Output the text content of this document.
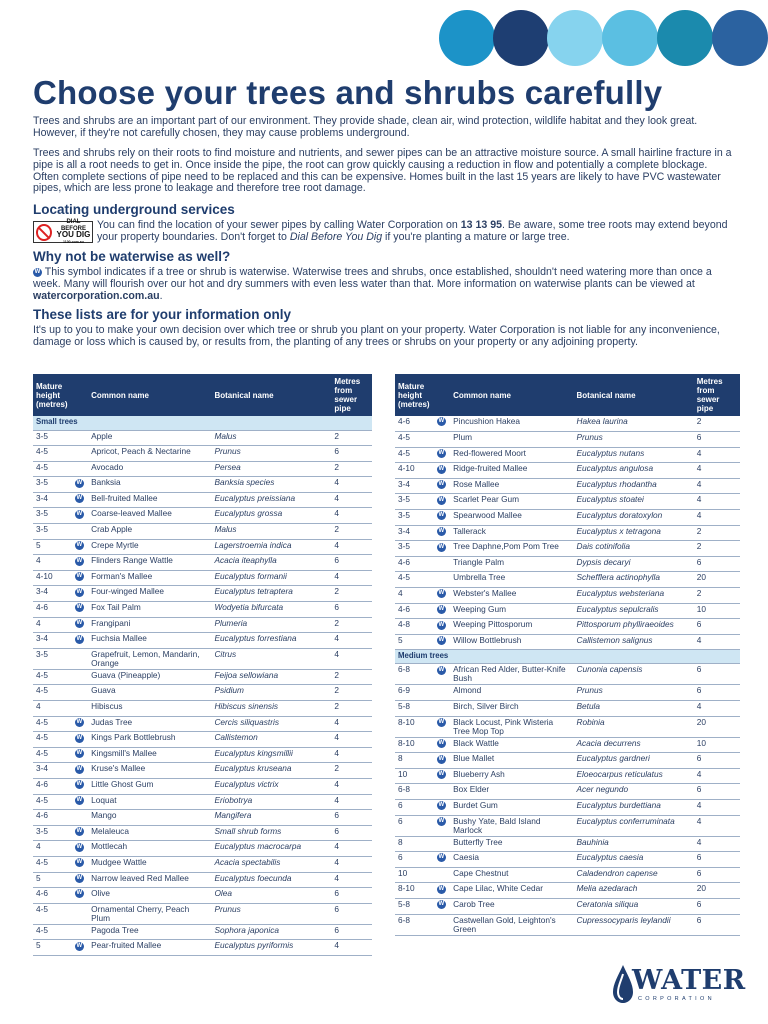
Choose your trees and shrubs carefully

Trees and shrubs are an important part of our environment. They provide shade, clean air, wind protection, wildlife habitat and they look great. However, if they're not carefully chosen, they may cause problems underground.

Trees and shrubs rely on their roots to find moisture and nutrients, and sewer pipes can be an attractive moisture source. A small hairline fracture in a pipe is all a root needs to get in. Once inside the pipe, the root can grow quickly causing a reduction in flow and potentially a complete blockage. Often complete sections of pipe need to be replaced and this can be expensive. Homes built in the last 15 years are likely to have PVC wastewater pipes, which are less prone to leakage and therefore tree root damage.

Locating underground services
DIAL BEFORE
YOU DIG
1100.com.au

You can find the location of your sewer pipes by calling Water Corporation on 13 13 95. Be aware, some tree roots may extend beyond your property boundaries. Don't forget to Dial Before You Dig if you're planting a mature or large tree.

Why not be waterwise as well?

W This symbol indicates if a tree or shrub is waterwise. Waterwise trees and shrubs, once established, shouldn't need watering more than once a week. Many will flourish over our hot and dry summers with even less water than that. More information on waterwise plants can be viewed at watercorporation.com.au.

These lists are for your information only

It's up to you to make your own decision over which tree or shrub you plant on your property. Water Corporation is not liable for any inconvenience, damage or loss which is caused by, or results from, the planting of any trees or shrubs on your property or any adjoining property.

Mature height (metres)		Common name	Botanical name	Metres from sewer pipe
Small trees				
3-5		Apple	Malus	2
4-5		Apricot, Peach & Nectarine	Prunus	6
4-5		Avocado	Persea	2
3-5	W	Banksia	Banksia species	4
3-4	W	Bell-fruited Mallee	Eucalyptus preissiana	4
3-5	W	Coarse-leaved Mallee	Eucalyptus grossa	4
3-5		Crab Apple	Malus	2
5	W	Crepe Myrtle	Lagerstroemia indica	4
4	W	Flinders Range Wattle	Acacia iteaphylla	6
4-10	W	Forman's Mallee	Eucalyptus formanii	4
3-4	W	Four-winged Mallee	Eucalyptus tetraptera	2
4-6	W	Fox Tail Palm	Wodyetia bifurcata	6
4	W	Frangipani	Plumeria	2
3-4	W	Fuchsia Mallee	Eucalyptus forrestiana	4
3-5		Grapefruit, Lemon, Mandarin, Orange	Citrus	4
4-5		Guava (Pineapple)	Feijoa sellowiana	2
4-5		Guava	Psidium	2
4		Hibiscus	Hibiscus sinensis	2
4-5	W	Judas Tree	Cercis siliquastris	4
4-5	W	Kings Park Bottlebrush	Callistemon	4
4-5	W	Kingsmill's Mallee	Eucalyptus kingsmillii	4
3-4	W	Kruse's Mallee	Eucalyptus kruseana	2
4-6	W	Little Ghost Gum	Eucalyptus victrix	4
4-5	W	Loquat	Eriobotrya	4
4-6		Mango	Mangifera	6
3-5	W	Melaleuca	Small shrub forms	6
4	W	Mottlecah	Eucalyptus macrocarpa	4
4-5	W	Mudgee Wattle	Acacia spectabilis	4
5	W	Narrow leaved Red Mallee	Eucalyptus foecunda	4
4-6	W	Olive	Olea	6
4-5		Ornamental Cherry, Peach Plum	Prunus	6
4-5		Pagoda Tree	Sophora japonica	6
5	W	Pear-fruited Mallee	Eucalyptus pyriformis	4
Mature height (metres)		Common name	Botanical name	Metres from sewer pipe
4-6	W	Pincushion Hakea	Hakea laurina	2
4-5		Plum	Prunus	6
4-5	W	Red-flowered Moort	Eucalyptus nutans	4
4-10	W	Ridge-fruited Mallee	Eucalyptus angulosa	4
3-4	W	Rose Mallee	Eucalyptus rhodantha	4
3-5	W	Scarlet Pear Gum	Eucalyptus stoatei	4
3-5	W	Spearwood Mallee	Eucalyptus doratoxylon	4
3-4	W	Tallerack	Eucalyptus x tetragona	2
3-5	W	Tree Daphne,Pom Pom Tree	Dais cotinifolia	2
4-6		Triangle Palm	Dypsis decaryi	6
4-5		Umbrella Tree	Schefflera actinophylla	20
4	W	Webster's Mallee	Eucalyptus websteriana	2
4-6	W	Weeping Gum	Eucalyptus sepulcralis	10
4-8	W	Weeping Pittosporum	Pittosporum phylliraeoides	6
5	W	Willow Bottlebrush	Callistemon salignus	4
Medium trees				
6-8	W	African Red Alder, Butter-Knife Bush	Cunonia capensis	6
6-9		Almond	Prunus	6
5-8		Birch, Silver Birch	Betula	4
8-10	W	Black Locust, Pink Wisteria Tree Mop Top	Robinia	20
8-10	W	Black Wattle	Acacia decurrens	10
8	W	Blue Mallet	Eucalyptus gardneri	6
10	W	Blueberry Ash	Eloeocarpus reticulatus	4
6-8		Box Elder	Acer negundo	6
6	W	Burdet Gum	Eucalyptus burdettiana	4
6	W	Bushy Yate, Bald Island Marlock	Eucalyptus conferruminata	4
8		Butterfly Tree	Bauhinia	4
6	W	Caesia	Eucalyptus caesia	6
10		Cape Chestnut	Caladendron capense	6
8-10	W	Cape Lilac, White Cedar	Melia azedarach	20
5-8	W	Carob Tree	Ceratonia siliqua	6
6-8		Castwellan Gold, Leighton's Green	Cupressocyparis leylandii	6
WATER
CORPORATION
